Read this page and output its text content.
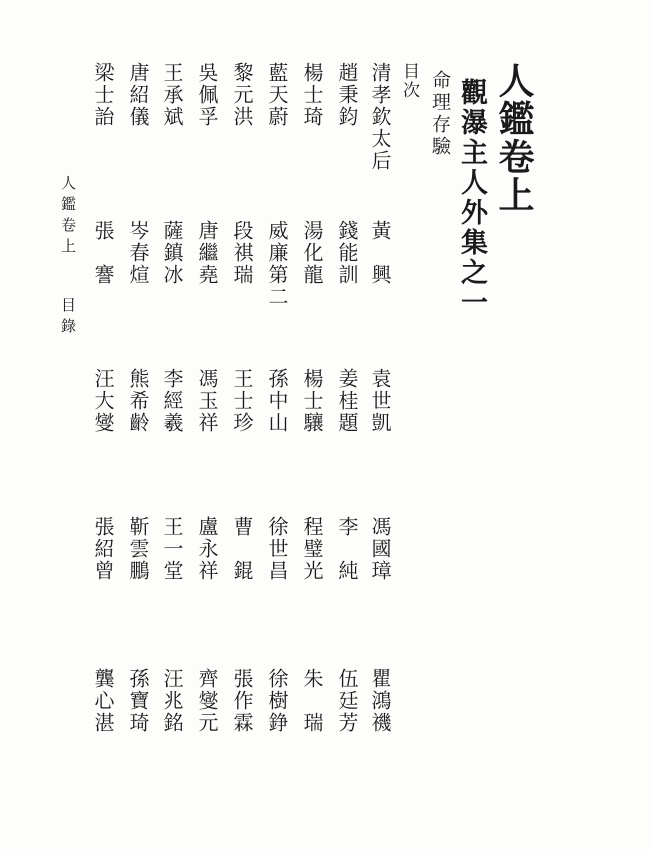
人鑑卷上
觀瀑主人外集之一
命理存驗
目次
清孝欽太后
黃　興
袁世凱
馮國璋
瞿鴻禨
趙秉鈞
錢能訓
姜桂題
李　純
伍廷芳
楊士琦
湯化龍
楊士驤
程璧光
朱　瑞
藍天蔚
威廉第二
孫中山
徐世昌
徐樹錚
黎元洪
段祺瑞
王士珍
曹　錕
張作霖
吳佩孚
唐繼堯
馮玉祥
盧永祥
齊燮元
王承斌
薩鎮冰
李經羲
王一堂
汪兆銘
唐紹儀
岑春煊
熊希齡
靳雲鵬
孫寶琦
梁士詒
張　謇
汪大燮
張紹曾
龔心湛
人鑑卷上
目錄
